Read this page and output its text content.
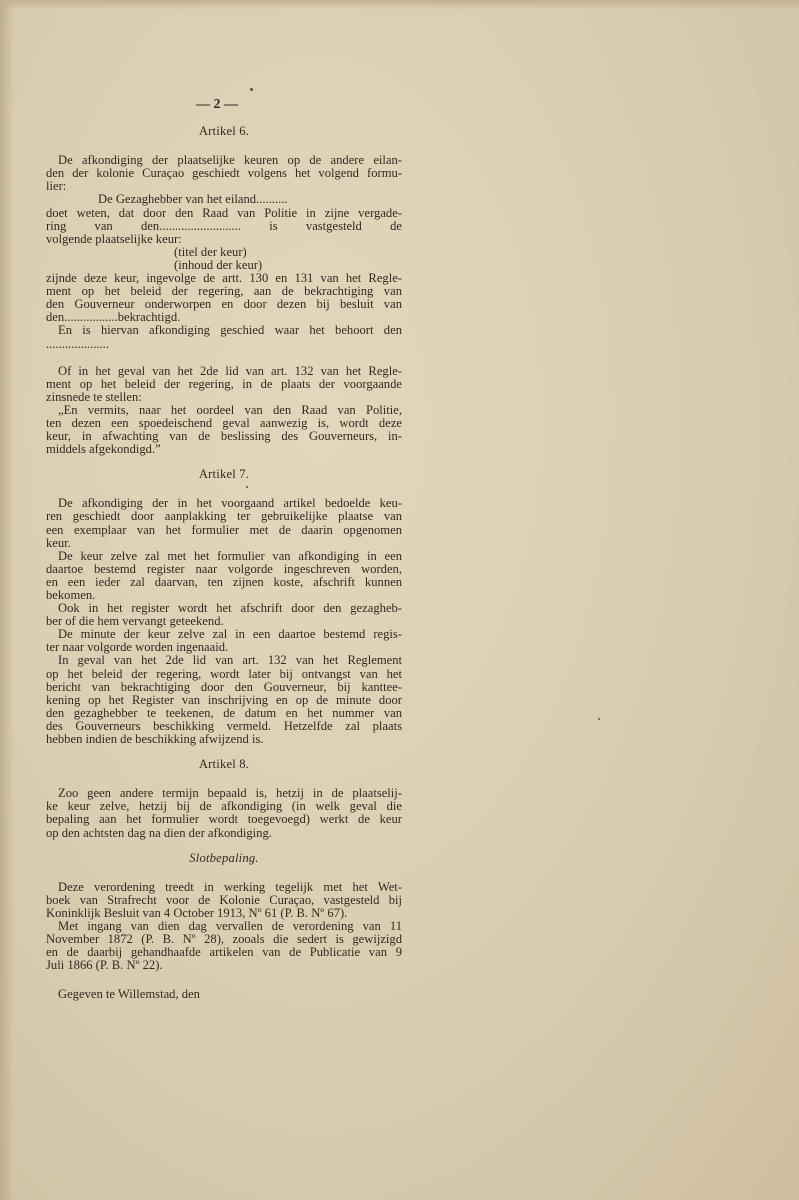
— 2 —
Artikel 6.

De afkondiging der plaatselijke keuren op de andere eilan-
den der kolonie Curaçao geschiedt volgens het volgend formu-
lier:

De Gezaghebber van het eiland..........

doet weten, dat door den Raad van Politie in zijne vergade-
ring van den.......................... is vastgesteld de
volgende plaatselijke keur:

(titel der keur)

(inhoud der keur)

zijnde deze keur, ingevolge de artt. 130 en 131 van het Regle-
ment op het beleid der regering, aan de bekrachtiging van
den Gouverneur onderworpen en door dezen bij besluit van
den.................bekrachtigd.

En is hiervan afkondiging geschied waar het behoort den
....................

Of in het geval van het 2de lid van art. 132 van het Regle-
ment op het beleid der regering, in de plaats der voorgaande
zinsnede te stellen:

„En vermits, naar het oordeel van den Raad van Politie,
ten dezen een spoedeischend geval aanwezig is, wordt deze
keur, in afwachting van de beslissing des Gouverneurs, in-
middels afgekondigd.”

Artikel 7.

De afkondiging der in het voorgaand artikel bedoelde keu-
ren geschiedt door aanplakking ter gebruikelijke plaatse van
een exemplaar van het formulier met de daarin opgenomen
keur.

De keur zelve zal met het formulier van afkondiging in een
daartoe bestemd register naar volgorde ingeschreven worden,
en een ieder zal daarvan, ten zijnen koste, afschrift kunnen
bekomen.

Ook in het register wordt het afschrift door den gezagheb-
ber of die hem vervangt geteekend.

De minute der keur zelve zal in een daartoe bestemd regis-
ter naar volgorde worden ingenaaid.

In geval van het 2de lid van art. 132 van het Reglement
op het beleid der regering, wordt later bij ontvangst van het
bericht van bekrachtiging door den Gouverneur, bij kanttee-
kening op het Register van inschrijving en op de minute door
den gezaghebber te teekenen, de datum en het nummer van
des Gouverneurs beschikking vermeld. Hetzelfde zal plaats
hebben indien de beschikking afwijzend is.

Artikel 8.

Zoo geen andere termijn bepaald is, hetzij in de plaatselij-
ke keur zelve, hetzij bij de afkondiging (in welk geval die
bepaling aan het formulier wordt toegevoegd) werkt de keur
op den achtsten dag na dien der afkondiging.

Slotbepaling.

Deze verordening treedt in werking tegelijk met het Wet-
boek van Strafrecht voor de Kolonie Curaçao, vastgesteld bij
Koninklijk Besluit van 4 October 1913, Nº 61 (P. B. Nº 67).

Met ingang van dien dag vervallen de verordening van 11
November 1872 (P. B. Nº 28), zooals die sedert is gewijzigd
en de daarbij gehandhaafde artikelen van de Publicatie van 9
Juli 1866 (P. B. Nº 22).

Gegeven te Willemstad, den
